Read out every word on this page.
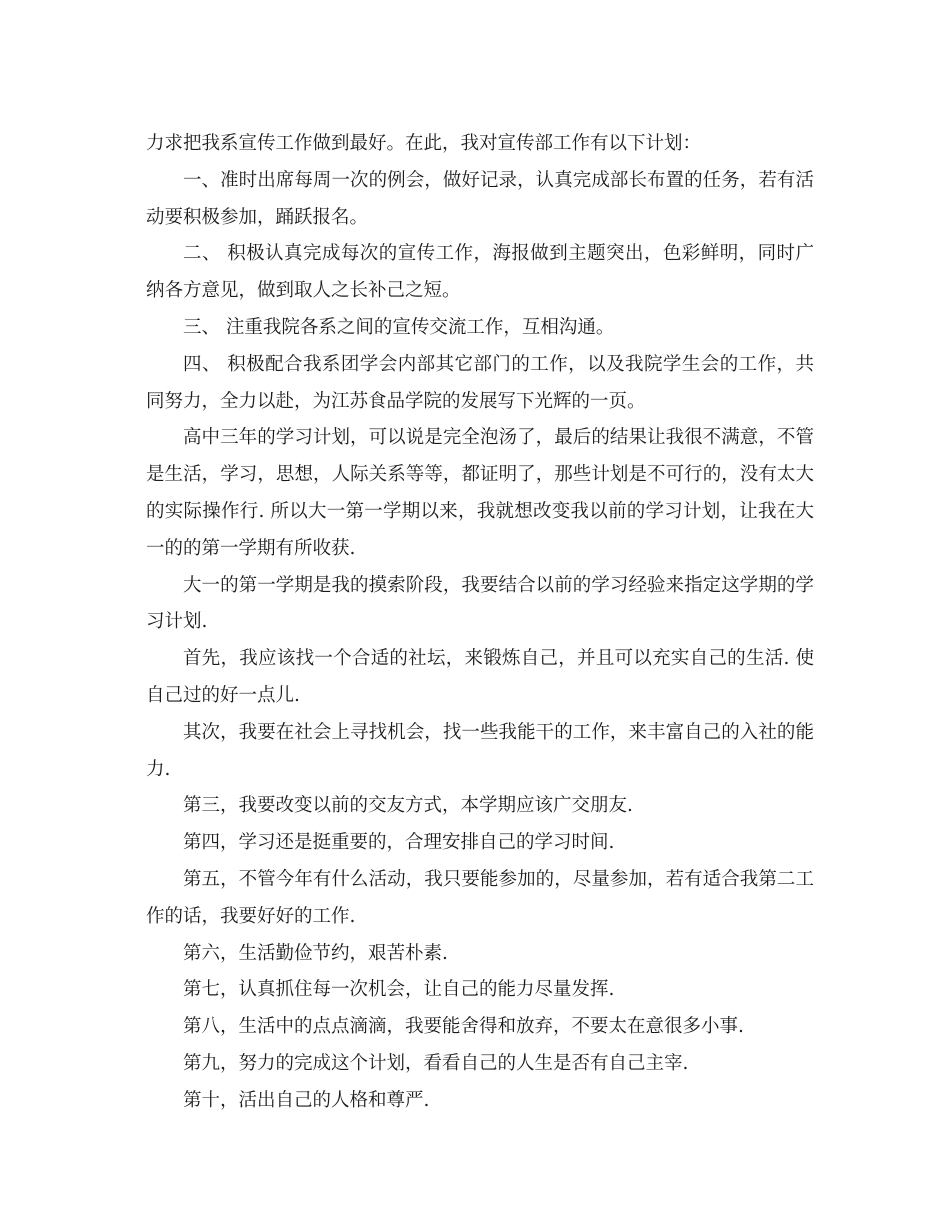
力求把我系宣传工作做到最好。在此，我对宣传部工作有以下计划：

一、准时出席每周一次的例会，做好记录，认真完成部长布置的任务，若有活动要积极参加，踊跃报名。

二、 积极认真完成每次的宣传工作，海报做到主题突出，色彩鲜明，同时广纳各方意见，做到取人之长补己之短。

三、 注重我院各系之间的宣传交流工作，互相沟通。

四、 积极配合我系团学会内部其它部门的工作，以及我院学生会的工作，共同努力，全力以赴，为江苏食品学院的发展写下光辉的一页。

高中三年的学习计划，可以说是完全泡汤了，最后的结果让我很不满意，不管是生活，学习，思想，人际关系等等，都证明了，那些计划是不可行的，没有太大的实际操作行. 所以大一第一学期以来，我就想改变我以前的学习计划，让我在大一的的第一学期有所收获.

大一的第一学期是我的摸索阶段，我要结合以前的学习经验来指定这学期的学习计划.

首先，我应该找一个合适的社坛，来锻炼自己，并且可以充实自己的生活. 使自己过的好一点儿.

其次，我要在社会上寻找机会，找一些我能干的工作，来丰富自己的入社的能力.

第三，我要改变以前的交友方式，本学期应该广交朋友.

第四，学习还是挺重要的，合理安排自己的学习时间.

第五，不管今年有什么活动，我只要能参加的，尽量参加，若有适合我第二工作的话，我要好好的工作.

第六，生活勤俭节约，艰苦朴素.

第七，认真抓住每一次机会，让自己的能力尽量发挥.

第八，生活中的点点滴滴，我要能舍得和放弃，不要太在意很多小事.

第九，努力的完成这个计划，看看自己的人生是否有自己主宰.

第十，活出自己的人格和尊严.
